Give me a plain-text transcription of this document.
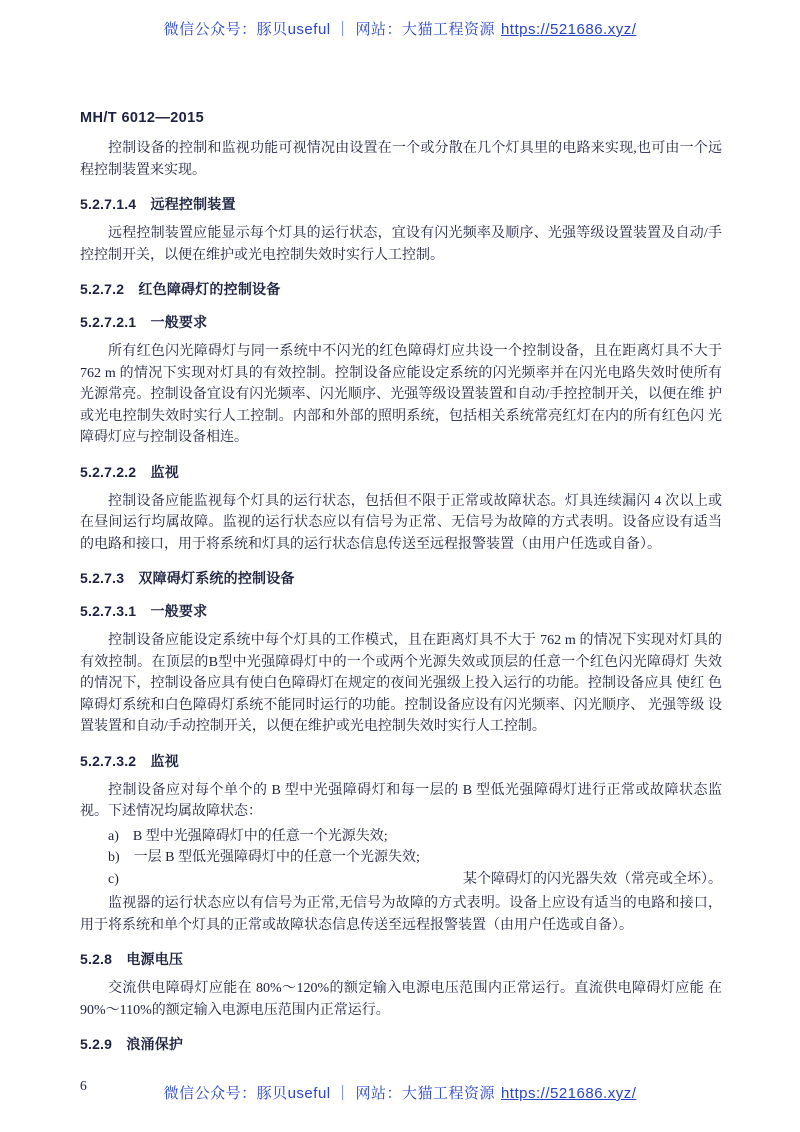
微信公众号：豚贝useful ｜ 网站：大猫工程资源 https://521686.xyz/
MH/T 6012—2015
控制设备的控制和监视功能可视情况由设置在一个或分散在几个灯具里的电路来实现,也可由一个远程控制装置来实现。
5.2.7.1.4　远程控制装置
远程控制装置应能显示每个灯具的运行状态，宜设有闪光频率及顺序、光强等级设置装置及自动/手控控制开关，以便在维护或光电控制失效时实行人工控制。
5.2.7.2　红色障碍灯的控制设备
5.2.7.2.1　一般要求
所有红色闪光障碍灯与同一系统中不闪光的红色障碍灯应共设一个控制设备，且在距离灯具不大于762 m 的情况下实现对灯具的有效控制。控制设备应能设定系统的闪光频率并在闪光电路失效时使所有 光源常亮。控制设备宜设有闪光频率、闪光顺序、光强等级设置装置和自动/手控控制开关，以便在维 护或光电控制失效时实行人工控制。内部和外部的照明系统，包括相关系统常亮红灯在内的所有红色闪 光障碍灯应与控制设备相连。
5.2.7.2.2　监视
控制设备应能监视每个灯具的运行状态，包括但不限于正常或故障状态。灯具连续漏闪 4 次以上或 在昼间运行均属故障。监视的运行状态应以有信号为正常、无信号为故障的方式表明。设备应设有适当 的电路和接口，用于将系统和灯具的运行状态信息传送至远程报警装置（由用户任选或自备）。
5.2.7.3　双障碍灯系统的控制设备
5.2.7.3.1　一般要求
控制设备应能设定系统中每个灯具的工作模式，且在距离灯具不大于 762 m 的情况下实现对灯具的 有效控制。在顶层的B型中光强障碍灯中的一个或两个光源失效或顶层的任意一个红色闪光障碍灯 失效 的情况下，控制设备应具有使白色障碍灯在规定的夜间光强级上投入运行的功能。控制设备应具 使红 色障碍灯系统和白色障碍灯系统不能同时运行的功能。控制设备应设有闪光频率、闪光顺序、 光强等级 设置装置和自动/手动控制开关，以便在维护或光电控制失效时实行人工控制。
5.2.7.3.2　监视
控制设备应对每个单个的 B 型中光强障碍灯和每一层的 B 型低光强障碍灯进行正常或故障状态监视。下述情况均属故障状态：
a)　B 型中光强障碍灯中的任意一个光源失效;
b)　一层 B 型低光强障碍灯中的任意一个光源失效;
c)	某个障碍灯的闪光器失效（常亮或全坏）。
监视器的运行状态应以有信号为正常,无信号为故障的方式表明。设备上应设有适当的电路和接口，用于将系统和单个灯具的正常或故障状态信息传送至远程报警装置（由用户任选或自备）。
5.2.8　电源电压
交流供电障碍灯应能在 80%～120%的额定输入电源电压范围内正常运行。直流供电障碍灯应能 在 90%～110%的额定输入电源电压范围内正常运行。
5.2.9　浪涌保护
6	微信公众号：豚贝useful ｜ 网站：大猫工程资源 https://521686.xyz/
